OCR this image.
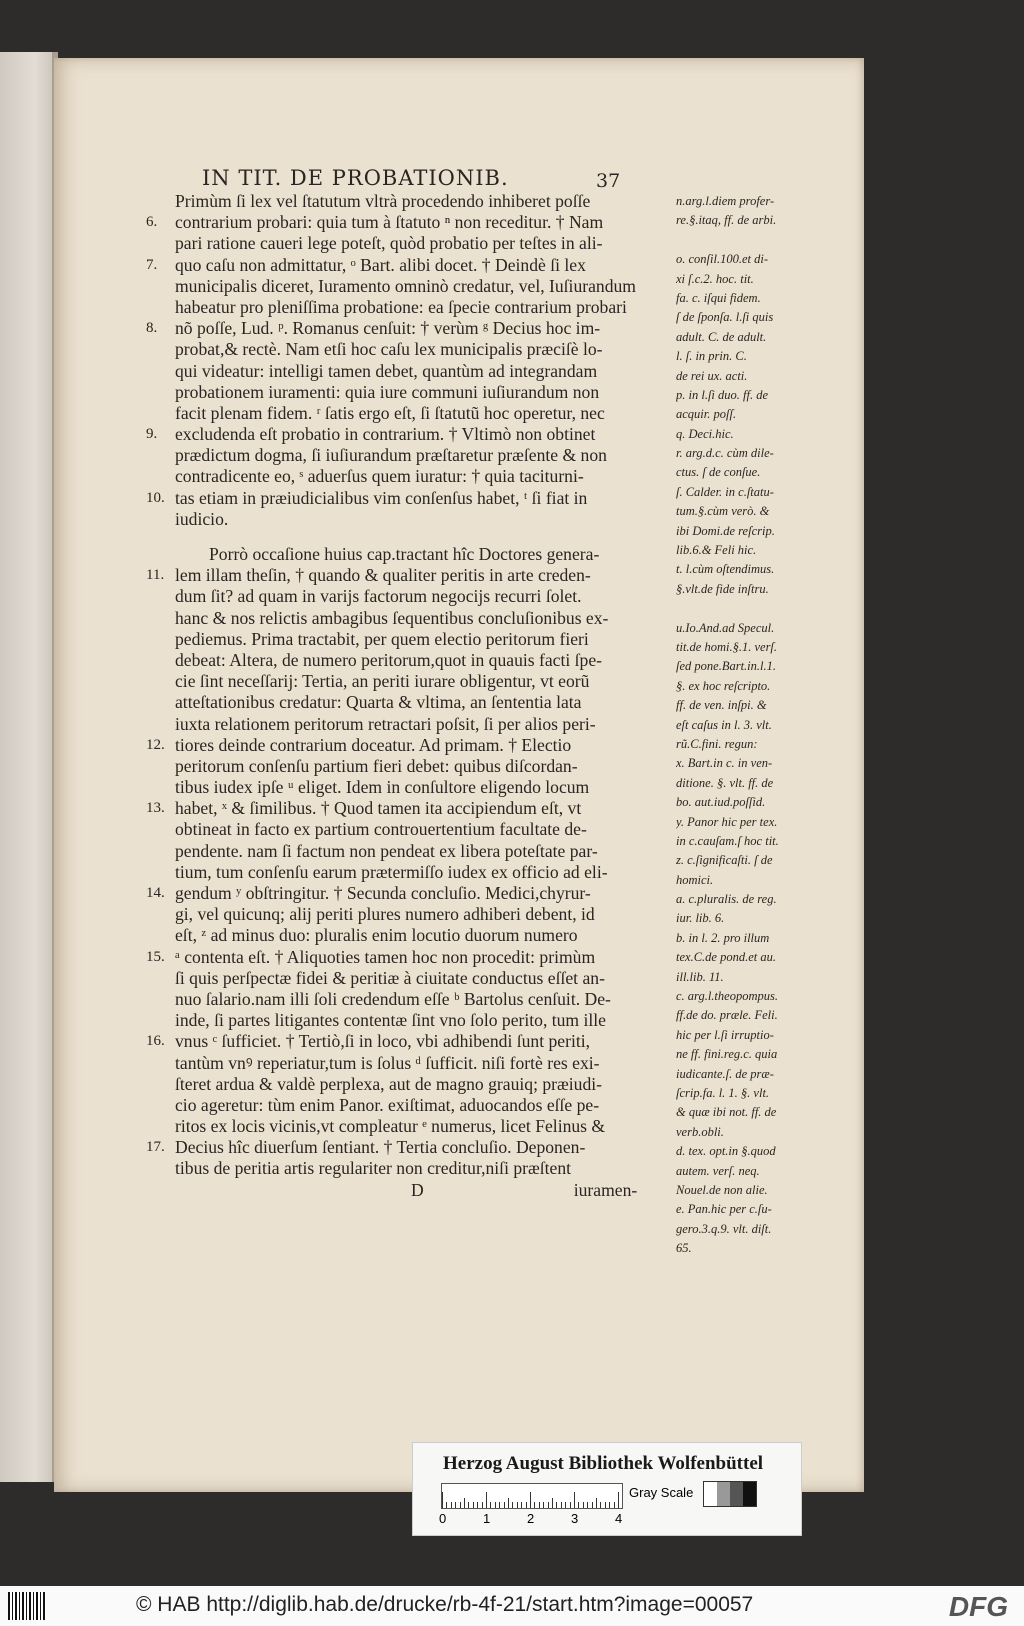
IN TIT. DE PROBATIONIB.	37
Primùm ſi lex vel ſtatutum vltrà procedendo inhiberet poſſe
6.	contrarium probari: quia tum à ſtatuto ⁿ non receditur. † Nam
pari ratione caueri lege poteſt, quòd probatio per teſtes in ali-
7.	quo caſu non admittatur, ᵒ Bart. alibi docet. † Deindè ſi lex
municipalis diceret, Iuramento omninò credatur, vel, Iuſiurandum
habeatur pro pleniſſima probatione: ea ſpecie contrarium probari
8.	nõ poſſe, Lud. ᵖ. Romanus cenſuit: † verùm ᵍ Decius hoc im-
probat,& rectè. Nam etſi hoc caſu lex municipalis præciſè lo-
qui videatur: intelligi tamen debet, quantùm ad integrandam
probationem iuramenti: quia iure communi iuſiurandum non
facit plenam fidem. ʳ ſatis ergo eſt, ſi ſtatutũ hoc operetur, nec
9.	excludenda eſt probatio in contrarium. † Vltimò non obtinet
prædictum dogma, ſi iuſiurandum præſtaretur præſente & non
contradicente eo, ˢ aduerſus quem iuratur: † quia taciturni-
10. tas etiam in præiudicialibus vim conſenſus habet, ᵗ ſi fiat in
iudicio.
Porrò occaſione huius cap.tractant hîc Doctores genera-
11. lem illam theſin, † quando & qualiter peritis in arte creden-
dum ſit? ad quam in varijs factorum negocijs recurri ſolet.
hanc & nos relictis ambagibus ſequentibus concluſionibus ex-
pediemus. Prima tractabit, per quem electio peritorum fieri
debeat: Altera, de numero peritorum,quot in quauis facti ſpe-
cie ſint neceſſarij: Tertia, an periti iurare obligentur, vt eorũ
atteſtationibus credatur: Quarta & vltima, an ſententia lata
iuxta relationem peritorum retractari poſsit, ſi per alios peri-
12. tiores deinde contrarium doceatur. Ad primam. † Electio
peritorum conſenſu partium fieri debet: quibus diſcordan-
tibus iudex ipſe ᵘ eliget. Idem in conſultore eligendo locum
13. habet, ˣ & ſimilibus. † Quod tamen ita accipiendum eſt, vt
obtineat in facto ex partium controuertentium facultate de-
pendente. nam ſi factum non pendeat ex libera poteſtate par-
tium, tum conſenſu earum prætermiſſo iudex ex officio ad eli-
14. gendum ʸ obſtringitur. † Secunda concluſio. Medici,chyrur-
gi, vel quicunq; alij periti plures numero adhiberi debent, id
eſt, ᶻ ad minus duo: pluralis enim locutio duorum numero
15. ᵃ contenta eſt. † Aliquoties tamen hoc non procedit: primùm
ſi quis perſpectæ fidei & peritiæ à ciuitate conductus eſſet an-
nuo ſalario.nam illi ſoli credendum eſſe ᵇ Bartolus cenſuit. De-
inde, ſi partes litigantes contentæ ſint vno ſolo perito, tum ille
16. vnus ᶜ ſufficiet. † Tertiò,ſi in loco, vbi adhibendi ſunt periti,
tantùm vnꝰ reperiatur,tum is ſolus ᵈ ſufficit. niſi fortè res exi-
ſteret ardua & valdè perplexa, aut de magno grauiq; præiudi-
cio ageretur: tùm enim Panor. exiſtimat, aduocandos eſſe pe-
ritos ex locis vicinis,vt compleatur ᵉ numerus, licet Felinus &
17. Decius hîc diuerſum ſentiant. † Tertia concluſio. Deponen-
tibus de peritia artis regulariter non creditur,niſi præſtent
D	iuramen-
n.arg.l.diem profer-
re.§.itaq, ff. de arbi.
o. conſil.100.et di-
xi ſ.c.2. hoc. tit.
fa. c. iſqui fidem.
ſ de ſponſa. l.ſi quis
adult. C. de adult.
l. ſ. in prin. C.
de rei ux. acti.
p. in l.ſi duo. ff. de
acquir. poſſ.
q. Deci.hic.
r. arg.d.c. cùm dile-
ctus. ſ de conſue.
ſ. Calder. in c.ſtatu-
tum.§.cùm verò. &
ibi Domi.de reſcrip.
lib.6.& Feli hic.
t. l.cùm oſtendimus.
§.vlt.de fide inſtru.
u.Io.And.ad Specul.
tit.de homi.§.1. verſ.
ſed pone.Bart.in.l.1.
§. ex hoc reſcripto.
ff. de ven. inſpi. &
eſt caſus in l. 3. vlt.
rũ.C.fini. regun:
x. Bart.in c. in ven-
ditione. §. vlt. ff. de
bo. aut.iud.poſſid.
y. Panor hic per tex.
in c.cauſam.ſ hoc tit.
z. c.ſignificaſti. ſ de
homici.
a. c.pluralis. de reg.
iur. lib. 6.
b. in l. 2. pro illum
tex.C.de pond.et au.
ill.lib. 11.
c. arg.l.theopompus.
ff.de do. præle. Feli.
hic per l.ſi irruptio-
ne ff. fini.reg.c. quia
iudicante.ſ. de præ-
ſcrip.fa. l. 1. §. vlt.
& quæ ibi not. ff. de
verb.obli.
d. tex. opt.in §.quod
autem. verſ. neq.
Nouel.de non alie.
e. Pan.hic per c.ſu-
gero.3.q.9. vlt. diſt.
65.
Herzog August Bibliothek Wolfenbüttel
0	1	2	3	4
Gray Scale
© HAB http://diglib.hab.de/drucke/rb-4f-21/start.htm?image=00057	DFG
